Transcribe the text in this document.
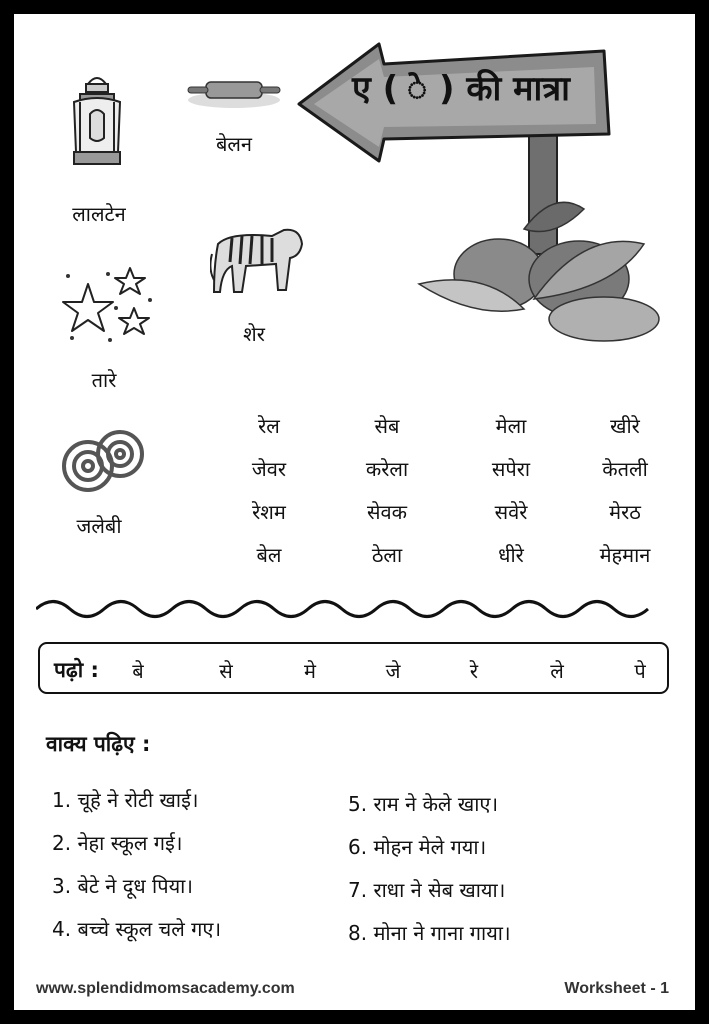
ए ( े ) की मात्रा
लालटेन
बेलन
शेर
तारे
जलेबी
रेल	सेब	मेला	खीरे
जेवर	करेला	सपेरा	केतली
रेशम	सेवक	सवेरे	मेरठ
बेल	ठेला	धीरे	मेहमान
पढ़ो :	बे	से	मे	जे	रे	ले	पे
वाक्य पढ़िए :
1. चूहे ने रोटी खाई।
2. नेहा स्कूल गई।
3. बेटे ने दूध पिया।
4. बच्चे स्कूल चले गए।
5. राम ने केले खाए।
6. मोहन मेले गया।
7. राधा ने सेब खाया।
8. मोना ने गाना गाया।
www.splendidmomsacademy.com	Worksheet - 1
